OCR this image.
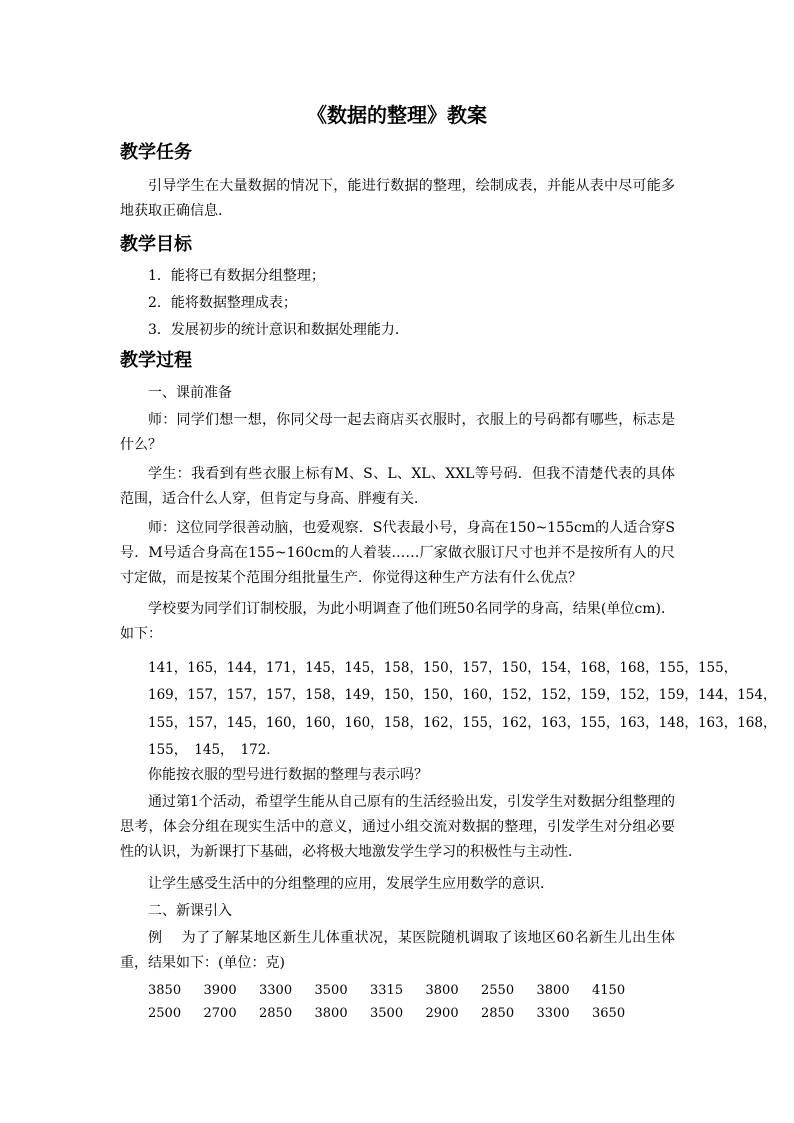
《数据的整理》教案
教学任务
引导学生在大量数据的情况下，能进行数据的整理，绘制成表，并能从表中尽可能多地获取正确信息．
教学目标
1．能将已有数据分组整理；
2．能将数据整理成表；
3．发展初步的统计意识和数据处理能力．
教学过程
一、课前准备
师：同学们想一想，你同父母一起去商店买衣服时，衣服上的号码都有哪些，标志是什么？
学生：我看到有些衣服上标有M、S、L、XL、XXL等号码．但我不清楚代表的具体范围，适合什么人穿，但肯定与身高、胖瘦有关．
师：这位同学很善动脑，也爱观察．S代表最小号，身高在150~155cm的人适合穿S号．M号适合身高在155~160cm的人着装……厂家做衣服订尺寸也并不是按所有人的尺寸定做，而是按某个范围分组批量生产．你觉得这种生产方法有什么优点？
学校要为同学们订制校服，为此小明调查了他们班50名同学的身高，结果(单位cm)．如下：
141， 165， 144， 171， 145， 145， 158， 150， 157， 150， 154， 168， 168， 155， 155，
169， 157， 157， 157， 158， 149， 150， 150， 160， 152， 152， 159， 152， 159， 144， 154，
155， 157， 145， 160， 160， 160， 158， 162， 155， 162， 163， 155， 163， 148， 163， 168，
155， 145， 172．
你能按衣服的型号进行数据的整理与表示吗？
通过第1个活动，希望学生能从自己原有的生活经验出发，引发学生对数据分组整理的思考，体会分组在现实生活中的意义，通过小组交流对数据的整理，引发学生对分组必要性的认识，为新课打下基础，必将极大地激发学生学习的积极性与主动性．
让学生感受生活中的分组整理的应用，发展学生应用数学的意识．
二、新课引入
例　 为了了解某地区新生儿体重状况，某医院随机调取了该地区60名新生儿出生体重，结果如下：(单位：克)
3850	3900	3300	3500	3315	3800	2550	3800	4150
2500	2700	2850	3800	3500	2900	2850	3300	3650
